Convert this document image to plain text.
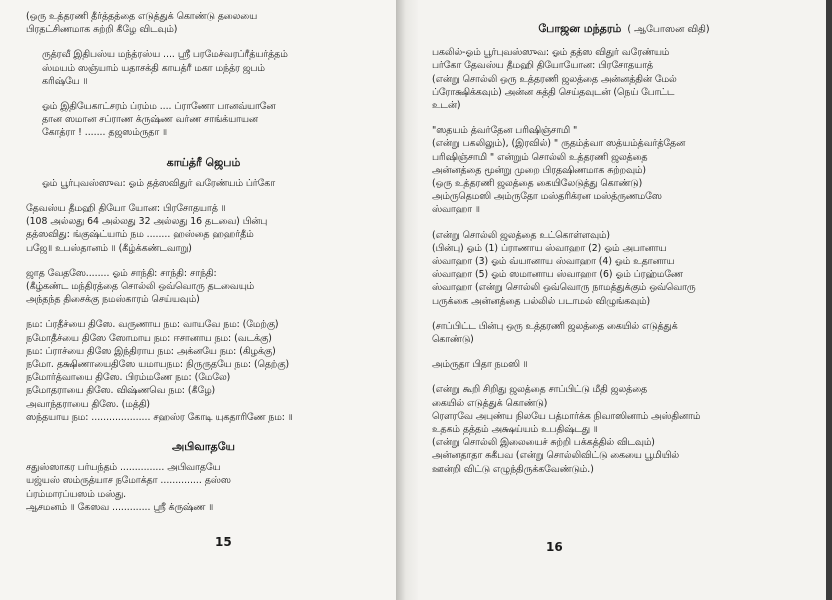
(ஒரு உத்தரணி தீர்த்தத்தை எடுத்துக் கொண்டு தலையை
பிரதட்சிணமாக சுற்றி கீழே விடவும்)
ருத்ரவீ இதிபஸ்ய மந்த்ரஸ்ய .... ஸ்ரீ பரமேச்வரப்ரீத்யர்த்தம்
ஸ்மயம் ஸஞ்யாம் யதாசக்தி காயத்ரீ மகா மந்த்ர ஜபம்
கரிஷ்யே ॥
ஓம் இதியேகாட்சரம் ப்ரம்ம .... ப்ராணோ பானவ்யானே
தான ஸமான சப்ராண க்ருஷ்ண வர்ண சாங்க்யாயன
கோத்ரா ! ....... தஜஸம்ருதா ॥
காய்த்ரீ ஜெபம்
ஓம் பூர்புவஸ்ஸுவ: ஓம் தத்ஸவிதுர் வரேண்யம் ப்ர்கோ
தேவஸ்ய தீமஹி தியோ யோன: பிரசோதயாத் ॥
(108 அல்லது 64 அல்லது 32 அல்லது 16 தடவை) பின்பு
தத்ஸவிது: ங்குஷ்ட்யாம் நம ........ ஹஸ்தை ஹஹர்தீம்
பஜே॥ உபஸ்தானம் ॥ (கீழ்க்கண்டவாறு)
ஜாத வேதஸே........ ஓம் சாந்தி: சாந்தி: சாந்தி:
(கீழ்கண்ட மந்திரத்தை சொல்லி ஒவ்வொரு தடவையும்
அந்தந்த திசைக்கு நமஸ்காரம் செய்யவும்)
நம: ப்ரதீச்யை திஸே. வருணாய நம: வாயவே நம: (மேற்கு)
நமோதீச்யை திஸே ஸோமாய நம: ஈசானாய நம: (வடக்கு)
நம: ப்ராச்யை திஸே இந்திராய நம: அக்னயே நம: (கிழக்கு)
நமோ. தக்ஷிணாயைதிஸே யமாயநம: நிருருதயே நம: (தெற்கு)
நமோர்த்வாயை திஸே. பிரம்மணே நம: (மேலே)
நமோதராயை திஸே. விஷ்ணவெ நம: (கீழே)
அவாந்தராயை திஸே. (மத்தி)
ஸந்தயாய நம: .................... சஹஸ்ர கோடி யுகதாரிணே நம: ॥
அபிவாதயே
சதுஸ்ஸாகர பர்யந்தம் ............... அபிவாதயே
யஜ்யஸ் ஸம்ருத்யாச நமோக்தா .............. தஸ்ஸ
ப்ரம்மாரப்யஸம் மஸ்து.
ஆசமனம் ॥ கேஸவ ............. ஸ்ரீ க்ருஷ்ண ॥
15
போஜன மந்தரம் ( ஆபோஸன விதி)
பகலில்-ஓம் பூர்புவஸ்ஸுவ: ஓம் தத்ஸ விதுர் வரேண்யம்
பர்கோ தேவஸ்ய தீமஹி தியோயோன: பிரசோதயாத்
(என்று சொல்லி ஒரு உத்தரணி ஜலத்தை அன்னத்தின் மேல்
ப்ரோக்ஷிக்கவும்) அன்ன சுத்தி செய்தவுடன் (நெய் போட்ட
உடன்)
"ஸதயம் த்வர்தேன பரிஷிஞ்சாமி "
(என்று பகலிலும்), (இரவில்) " ருதம்த்வா ஸத்யம்த்வர்த்தேன
பரிஷிஞ்சாமி " என்றும் சொல்லி உத்தரணி ஜலத்தை
அன்னத்தை மூன்று முறை பிரதஷிணமாக சுற்றவும்)
(ஒரு உத்தரணி ஜலத்தை கையிலேடுத்து கொண்டு)
அம்ருதெமஸி அம்ருதோ மஸ்தரிக்ரன மஸ்த்ருணமஸே
ஸ்வாஹா ॥
(என்று சொல்லி ஜலத்தை உட்கொள்ளவும்)
(பின்பு) ஓம் (1) ப்ராணாய ஸ்வாஹா (2) ஓம் அபானாய
ஸ்வாஹா (3) ஓம் வ்யானாய ஸ்வாஹா (4) ஓம் உதானாய
ஸ்வாஹா (5) ஓம் ஸமானாய ஸ்வாஹா (6) ஓம் ப்ரஹ்மணே
ஸ்வாஹா (என்று சொல்லி ஒவ்வொரு நாமத்துக்கும் ஒவ்வொரு
பருக்கை அன்னத்தை பல்லில் படாமல் விழுங்கவும்)
(சாப்பிட்ட பின்பு ஒரு உத்தரணி ஜலத்தை கையில் எடுத்துக்
கொண்டு)
அம்ருதா பிதா நமஸி ॥
(என்று கூறி சிறிது ஜலத்தை சாப்பிட்டு மீதி ஜலத்தை
கையில் எடுத்துக் கொண்டு)
ரௌரவே அபுண்ய நிலயே பத்மார்க்க நிவாஸினாம் அஸ்தினாம்
உதகம் தத்தம் அக்ஷய்யம் உபதிஷ்டது ॥
(என்று சொல்லி இலையைச் சுற்றி பக்கத்தில் விடவும்)
அன்னதாதா சுகீபவ (என்று சொல்லிவிட்டு கையை பூமியில்
ஊன்றி விட்டு எழுந்திருக்கவேண்டும்.)
16
